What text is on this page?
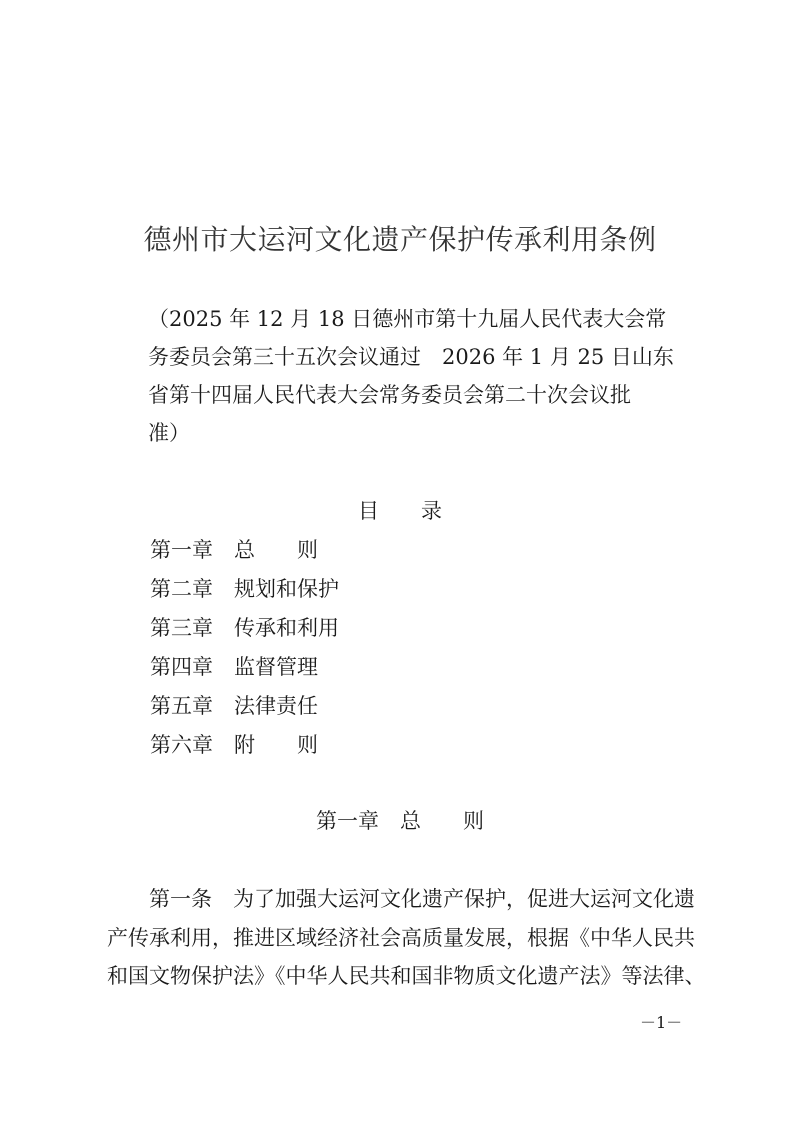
德州市大运河文化遗产保护传承利用条例
（2025 年 12 月 18 日德州市第十九届人民代表大会常
务委员会第三十五次会议通过　2026 年 1 月 25 日山东
省第十四届人民代表大会常务委员会第二十次会议批
准）
目　　录
第一章 总　　则
第二章 规划和保护
第三章 传承和利用
第四章 监督管理
第五章 法律责任
第六章 附　　则
第一章　总　　则
　　第一条　为了加强大运河文化遗产保护，促进大运河文化遗
产传承利用，推进区域经济社会高质量发展，根据《中华人民共
和国文物保护法》《中华人民共和国非物质文化遗产法》等法律、
－1－
